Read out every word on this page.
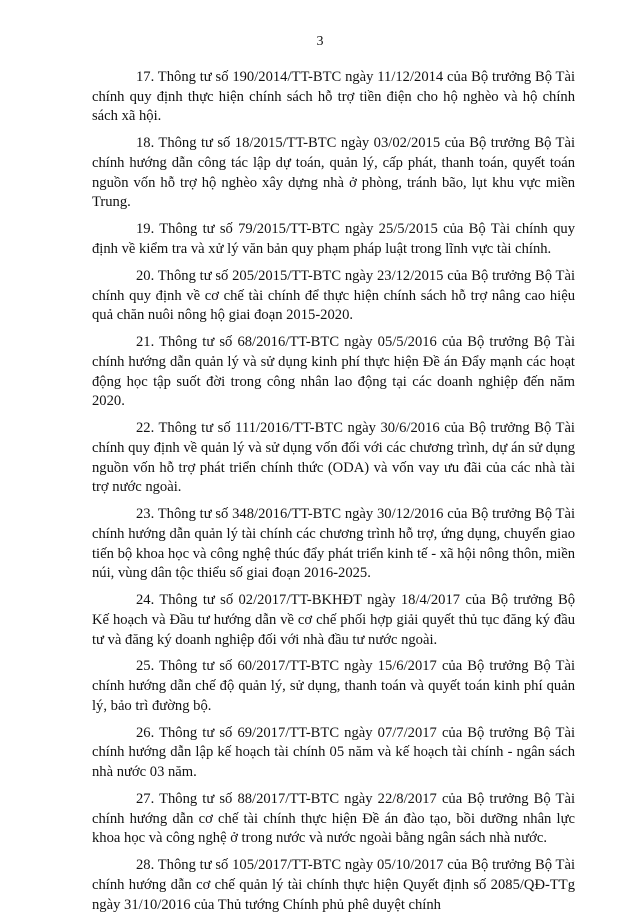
3

17. Thông tư số 190/2014/TT-BTC ngày 11/12/2014 của Bộ trưởng Bộ Tài chính quy định thực hiện chính sách hỗ trợ tiền điện cho hộ nghèo và hộ chính sách xã hội.

18. Thông tư số 18/2015/TT-BTC ngày 03/02/2015 của Bộ trưởng Bộ Tài chính hướng dẫn công tác lập dự toán, quản lý, cấp phát, thanh toán, quyết toán nguồn vốn hỗ trợ hộ nghèo xây dựng nhà ở phòng, tránh bão, lụt khu vực miền Trung.

19. Thông tư số 79/2015/TT-BTC ngày 25/5/2015 của Bộ Tài chính quy định về kiểm tra và xử lý văn bản quy phạm pháp luật trong lĩnh vực tài chính.

20. Thông tư số 205/2015/TT-BTC ngày 23/12/2015 của Bộ trưởng Bộ Tài chính quy định về cơ chế tài chính để thực hiện chính sách hỗ trợ nâng cao hiệu quả chăn nuôi nông hộ giai đoạn 2015-2020.

21. Thông tư số 68/2016/TT-BTC ngày 05/5/2016 của Bộ trưởng Bộ Tài chính hướng dẫn quản lý và sử dụng kinh phí thực hiện Đề án Đẩy mạnh các hoạt động học tập suốt đời trong công nhân lao động tại các doanh nghiệp đến năm 2020.

22. Thông tư số 111/2016/TT-BTC ngày 30/6/2016 của Bộ trưởng Bộ Tài chính quy định về quản lý và sử dụng vốn đối với các chương trình, dự án sử dụng nguồn vốn hỗ trợ phát triển chính thức (ODA) và vốn vay ưu đãi của các nhà tài trợ nước ngoài.

23. Thông tư số 348/2016/TT-BTC ngày 30/12/2016 của Bộ trưởng Bộ Tài chính hướng dẫn quản lý tài chính các chương trình hỗ trợ, ứng dụng, chuyển giao tiến bộ khoa học và công nghệ thúc đẩy phát triển kinh tế - xã hội nông thôn, miền núi, vùng dân tộc thiểu số giai đoạn 2016-2025.

24. Thông tư số 02/2017/TT-BKHĐT ngày 18/4/2017 của Bộ trưởng Bộ Kế hoạch và Đầu tư hướng dẫn về cơ chế phối hợp giải quyết thủ tục đăng ký đầu tư và đăng ký doanh nghiệp đối với nhà đầu tư nước ngoài.

25. Thông tư số 60/2017/TT-BTC ngày 15/6/2017 của Bộ trưởng Bộ Tài chính hướng dẫn chế độ quản lý, sử dụng, thanh toán và quyết toán kinh phí quản lý, bảo trì đường bộ.

26. Thông tư số 69/2017/TT-BTC ngày 07/7/2017 của Bộ trưởng Bộ Tài chính hướng dẫn lập kế hoạch tài chính 05 năm và kế hoạch tài chính - ngân sách nhà nước 03 năm.

27. Thông tư số 88/2017/TT-BTC ngày 22/8/2017 của Bộ trưởng Bộ Tài chính hướng dẫn cơ chế tài chính thực hiện Đề án đào tạo, bồi dưỡng nhân lực khoa học và công nghệ ở trong nước và nước ngoài bằng ngân sách nhà nước.

28. Thông tư số 105/2017/TT-BTC ngày 05/10/2017 của Bộ trưởng Bộ Tài chính hướng dẫn cơ chế quản lý tài chính thực hiện Quyết định số 2085/QĐ-TTg ngày 31/10/2016 của Thủ tướng Chính phủ phê duyệt chính
